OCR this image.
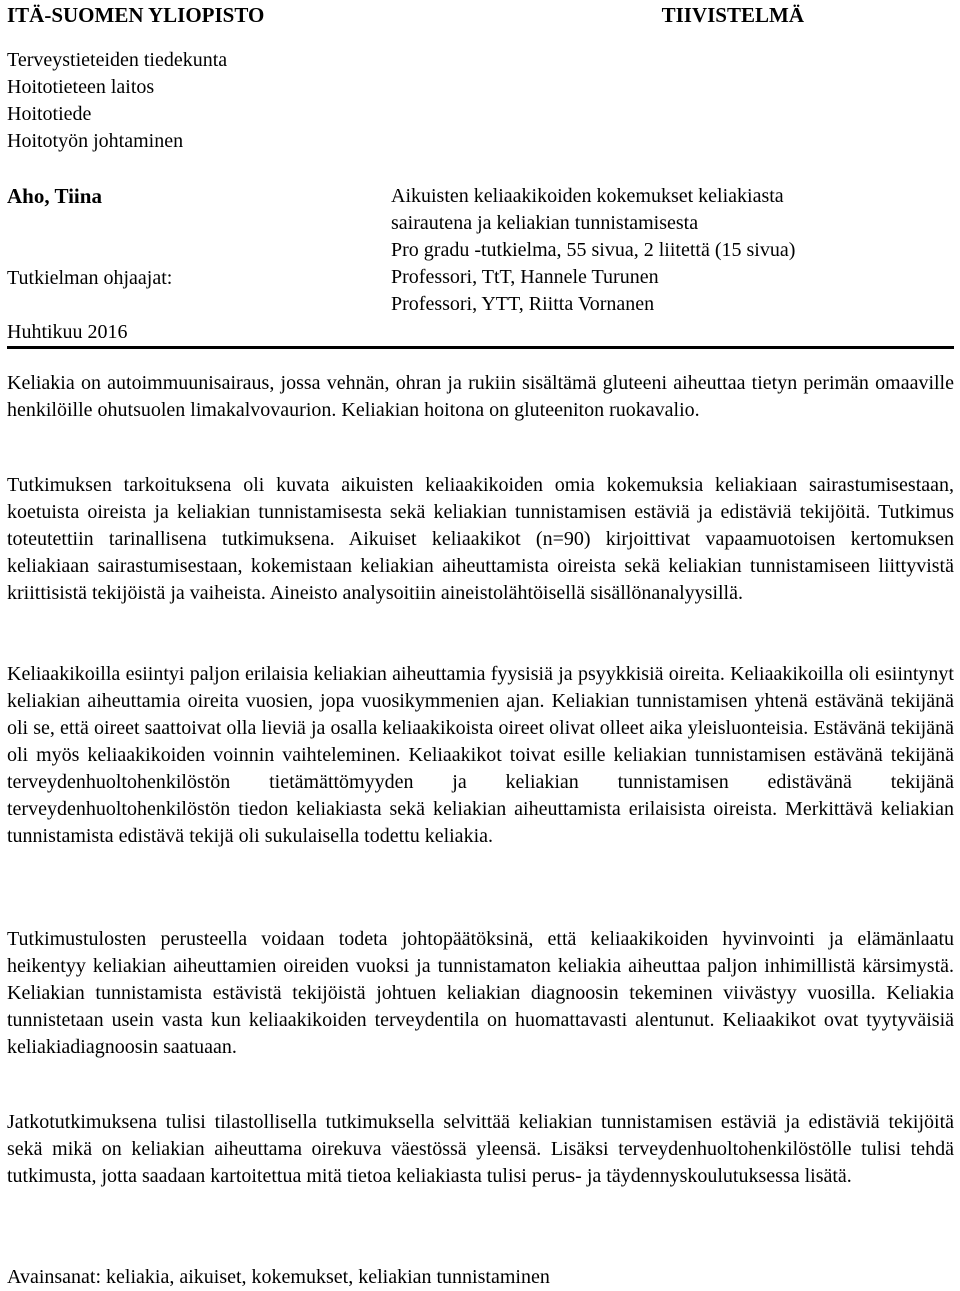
ITÄ-SUOMEN YLIOPISTO	TIIVISTELMÄ
Terveystieteiden tiedekunta
Hoitotieteen laitos
Hoitotiede
Hoitotyön johtaminen
Aho, Tiina
Tutkielman ohjaajat:
Huhtikuu 2016
Aikuisten keliaakikoiden kokemukset keliakiasta
sairautena ja keliakian tunnistamisesta
Pro gradu -tutkielma, 55 sivua, 2 liitettä (15 sivua)
Professori, TtT, Hannele Turunen
Professori, YTT, Riitta Vornanen

Keliakia on autoimmuunisairaus, jossa vehnän, ohran ja rukiin sisältämä gluteeni aiheuttaa tietyn perimän omaaville henkilöille ohutsuolen limakalvovaurion. Keliakian hoitona on gluteeniton ruokavalio.

Tutkimuksen tarkoituksena oli kuvata aikuisten keliaakikoiden omia kokemuksia keliakiaan sairastumisestaan, koetuista oireista ja keliakian tunnistamisesta sekä keliakian tunnistamisen estäviä ja edistäviä tekijöitä. Tutkimus toteutettiin tarinallisena tutkimuksena. Aikuiset keliaakikot (n=90) kirjoittivat vapaamuotoisen kertomuksen keliakiaan sairastumisestaan, kokemistaan keliakian aiheuttamista oireista sekä keliakian tunnistamiseen liittyvistä kriittisistä tekijöistä ja vaiheista. Aineisto analysoitiin aineistolähtöisellä sisällönanalyysillä.

Keliaakikoilla esiintyi paljon erilaisia keliakian aiheuttamia fyysisiä ja psyykkisiä oireita. Keliaakikoilla oli esiintynyt keliakian aiheuttamia oireita vuosien, jopa vuosikymmenien ajan. Keliakian tunnistamisen yhtenä estävänä tekijänä oli se, että oireet saattoivat olla lieviä ja osalla keliaakikoista oireet olivat olleet aika yleisluonteisia. Estävänä tekijänä oli myös keliaakikoiden voinnin vaihteleminen. Keliaakikot toivat esille keliakian tunnistamisen estävänä tekijänä terveydenhuoltohenkilöstön tietämättömyyden ja keliakian tunnistamisen edistävänä tekijänä terveydenhuoltohenkilöstön tiedon keliakiasta sekä keliakian aiheuttamista erilaisista oireista. Merkittävä keliakian tunnistamista edistävä tekijä oli sukulaisella todettu keliakia.

Tutkimustulosten perusteella voidaan todeta johtopäätöksinä, että keliaakikoiden hyvinvointi ja elämänlaatu heikentyy keliakian aiheuttamien oireiden vuoksi ja tunnistamaton keliakia aiheuttaa paljon inhimillistä kärsimystä. Keliakian tunnistamista estävistä tekijöistä johtuen keliakian diagnoosin tekeminen viivästyy vuosilla. Keliakia tunnistetaan usein vasta kun keliaakikoiden terveydentila on huomattavasti alentunut. Keliaakikot ovat tyytyväisiä keliakiadiagnoosin saatuaan.

Jatkotutkimuksena tulisi tilastollisella tutkimuksella selvittää keliakian tunnistamisen estäviä ja edistäviä tekijöitä sekä mikä on keliakian aiheuttama oirekuva väestössä yleensä. Lisäksi terveydenhuoltohenkilöstölle tulisi tehdä tutkimusta, jotta saadaan kartoitettua mitä tietoa keliakiasta tulisi perus- ja täydennyskoulutuksessa lisätä.

Avainsanat: keliakia, aikuiset, kokemukset, keliakian tunnistaminen
